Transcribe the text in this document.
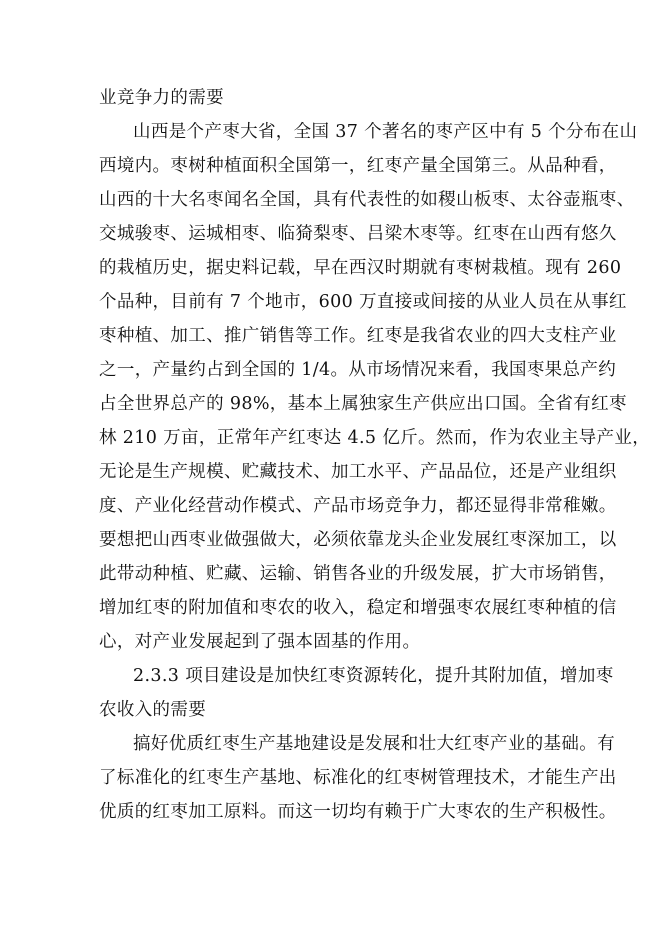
业竞争力的需要
山西是个产枣大省，全国 37 个著名的枣产区中有 5 个分布在山
西境内。枣树种植面积全国第一，红枣产量全国第三。从品种看，
山西的十大名枣闻名全国，具有代表性的如稷山板枣、太谷壶瓶枣、
交城骏枣、运城相枣、临猗梨枣、吕梁木枣等。红枣在山西有悠久
的栽植历史，据史料记载，早在西汉时期就有枣树栽植。现有 260
个品种，目前有 7 个地市，600 万直接或间接的从业人员在从事红
枣种植、加工、推广销售等工作。红枣是我省农业的四大支柱产业
之一，产量约占到全国的 1/4。从市场情况来看，我国枣果总产约
占全世界总产的 98%，基本上属独家生产供应出口国。全省有红枣
林 210 万亩，正常年产红枣达 4.5 亿斤。然而，作为农业主导产业，
无论是生产规模、贮藏技术、加工水平、产品品位，还是产业组织
度、产业化经营动作模式、产品市场竞争力，都还显得非常稚嫩。
要想把山西枣业做强做大，必须依靠龙头企业发展红枣深加工，以
此带动种植、贮藏、运输、销售各业的升级发展，扩大市场销售，
增加红枣的附加值和枣农的收入，稳定和增强枣农展红枣种植的信
心，对产业发展起到了强本固基的作用。
2.3.3 项目建设是加快红枣资源转化，提升其附加值，增加枣
农收入的需要
搞好优质红枣生产基地建设是发展和壮大红枣产业的基础。有
了标准化的红枣生产基地、标准化的红枣树管理技术，才能生产出
优质的红枣加工原料。而这一切均有赖于广大枣农的生产积极性。
